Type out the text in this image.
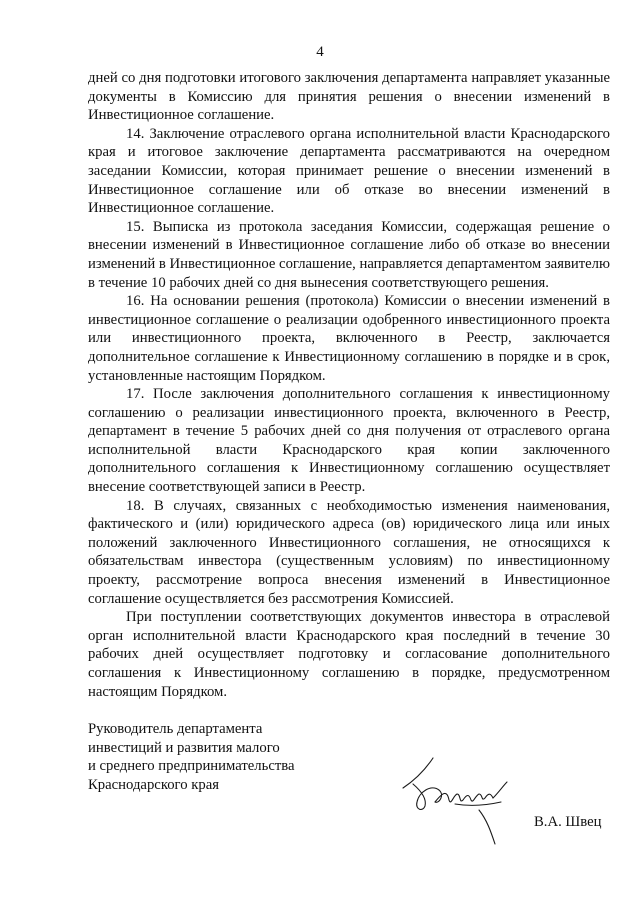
4

дней со дня подготовки итогового заключения департамента направляет указанные документы в Комиссию для принятия решения о внесении изменений в Инвестиционное соглашение.

14. Заключение отраслевого органа исполнительной власти Краснодарского края и итоговое заключение департамента рассматриваются на очередном заседании Комиссии, которая принимает решение о внесении изменений в Инвестиционное соглашение или об отказе во внесении изменений в Инвестиционное соглашение.

15. Выписка из протокола заседания Комиссии, содержащая решение о внесении изменений в Инвестиционное соглашение либо об отказе во внесении изменений в Инвестиционное соглашение, направляется департаментом заявителю в течение 10 рабочих дней со дня вынесения соответствующего решения.

16. На основании решения (протокола) Комиссии о внесении изменений в инвестиционное соглашение о реализации одобренного инвестиционного проекта или инвестиционного проекта, включенного в Реестр, заключается дополнительное соглашение к Инвестиционному соглашению в порядке и в срок, установленные настоящим Порядком.

17. После заключения дополнительного соглашения к инвестиционному соглашению о реализации инвестиционного проекта, включенного в Реестр, департамент в течение 5 рабочих дней со дня получения от отраслевого органа исполнительной власти Краснодарского края копии заключенного дополнительного соглашения к Инвестиционному соглашению осуществляет внесение соответствующей записи в Реестр.

18. В случаях, связанных с необходимостью изменения наименования, фактического и (или) юридического адреса (ов) юридического лица или иных положений заключенного Инвестиционного соглашения, не относящихся к обязательствам инвестора (существенным условиям) по инвестиционному проекту, рассмотрение вопроса внесения изменений в Инвестиционное соглашение осуществляется без рассмотрения Комиссией.

При поступлении соответствующих документов инвестора в отраслевой орган исполнительной власти Краснодарского края последний в течение 30 рабочих дней осуществляет подготовку и согласование дополнительного соглашения к Инвестиционному соглашению в порядке, предусмотренном настоящим Порядком.

Руководитель департамента
инвестиций и развития малого
и среднего предпринимательства
Краснодарского края
В.А. Швец
